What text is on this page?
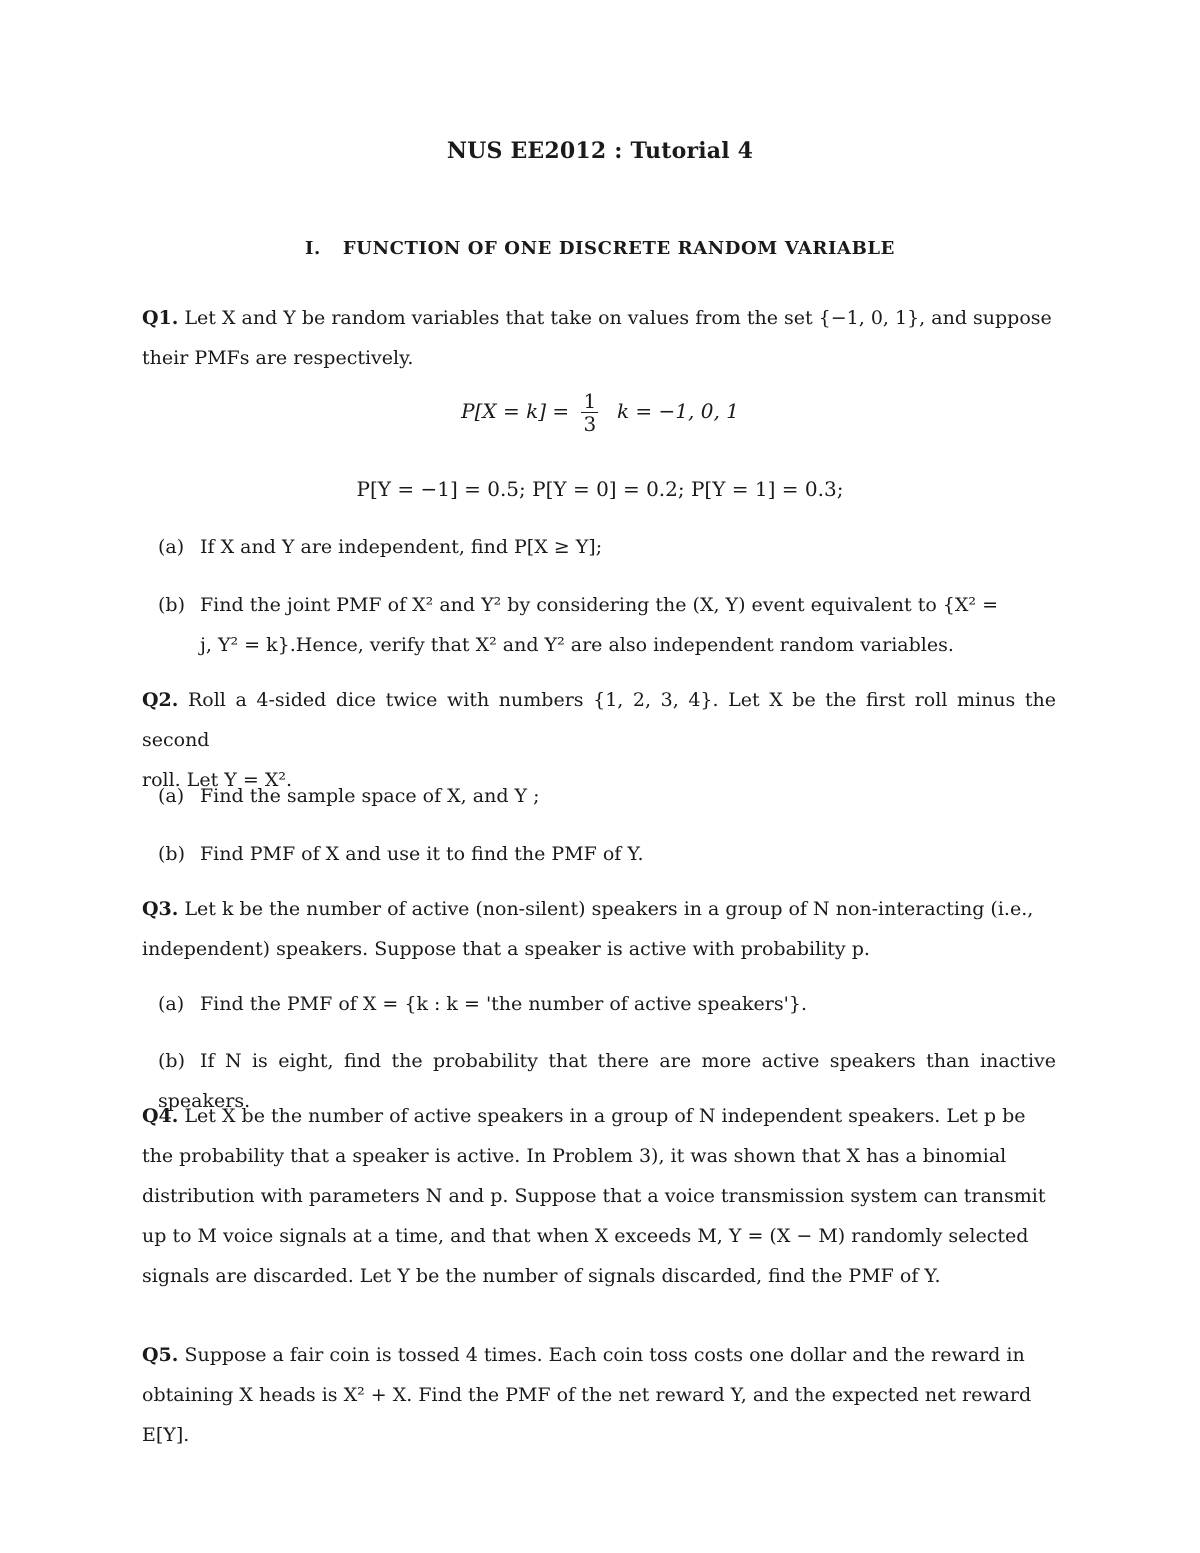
NUS EE2012 : Tutorial 4
I. FUNCTION OF ONE DISCRETE RANDOM VARIABLE
Q1. Let X and Y be random variables that take on values from the set {−1, 0, 1}, and suppose
their PMFs are respectively.
$P[X = k] = \frac{1}{3}$ k = −1, 0, 1
P[Y = −1] = 0.5; P[Y = 0] = 0.2; P[Y = 1] = 0.3;
(a) If X and Y are independent, find P[X ≥ Y];
(b) Find the joint PMF of X² and Y² by considering the (X, Y) event equivalent to {X² =
j, Y² = k}.Hence, verify that X² and Y² are also independent random variables.
Q2. Roll a 4-sided dice twice with numbers {1, 2, 3, 4}. Let X be the first roll minus the second
roll. Let Y = X².
(a) Find the sample space of X, and Y ;
(b) Find PMF of X and use it to find the PMF of Y.
Q3. Let k be the number of active (non-silent) speakers in a group of N non-interacting (i.e.,
independent) speakers. Suppose that a speaker is active with probability p.
(a) Find the PMF of X = {k : k = 'the number of active speakers'}.
(b) If N is eight, find the probability that there are more active speakers than inactive speakers.
Q4. Let X be the number of active speakers in a group of N independent speakers. Let p be
the probability that a speaker is active. In Problem 3), it was shown that X has a binomial
distribution with parameters N and p. Suppose that a voice transmission system can transmit
up to M voice signals at a time, and that when X exceeds M, Y = (X − M) randomly selected
signals are discarded. Let Y be the number of signals discarded, find the PMF of Y.
Q5. Suppose a fair coin is tossed 4 times. Each coin toss costs one dollar and the reward in
obtaining X heads is X² + X. Find the PMF of the net reward Y, and the expected net reward
E[Y].
